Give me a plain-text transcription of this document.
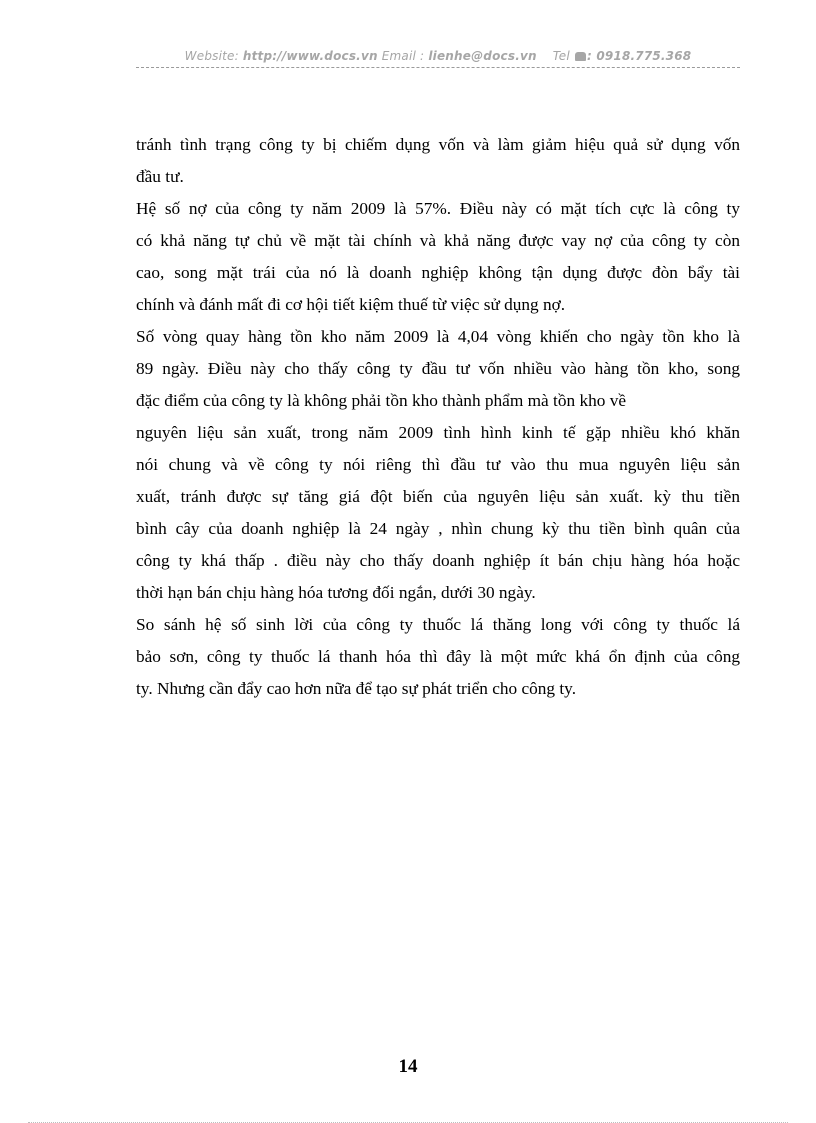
Website: http://www.docs.vn Email : lienhe@docs.vn Tel : 0918.775.368
tránh tình trạng công ty bị chiếm dụng vốn và làm giảm hiệu quả sử dụng vốn
đầu tư.
Hệ số nợ của công ty năm 2009 là 57%. Điều này có mặt tích cực là công ty
có khả năng tự chủ về mặt tài chính và khả năng được vay nợ của công ty còn
cao, song mặt trái của nó là doanh nghiệp không tận dụng được đòn bẩy tài
chính và đánh mất đi cơ hội tiết kiệm thuế từ việc sử dụng nợ.
Số vòng quay hàng tồn kho năm 2009 là 4,04 vòng khiến cho ngày tồn kho là
89 ngày. Điều này cho thấy công ty đầu tư vốn nhiều vào hàng tồn kho, song
đặc điểm của công ty là không phải tồn kho thành phẩm mà tồn kho về
nguyên liệu sản xuất, trong năm 2009 tình hình kinh tế gặp nhiều khó khăn
nói chung và về công ty nói riêng thì đầu tư vào thu mua nguyên liệu sản
xuất, tránh được sự tăng giá đột biến của nguyên liệu sản xuất. kỳ thu tiền
bình cây của doanh nghiệp là 24 ngày , nhìn chung kỳ thu tiền bình quân của
công ty khá thấp . điều này cho thấy doanh nghiệp ít bán chịu hàng hóa hoặc
thời hạn bán chịu hàng hóa tương đối ngắn, dưới 30 ngày.
So sánh hệ số sinh lời của công ty thuốc lá thăng long với công ty thuốc lá
bảo sơn, công ty thuốc lá thanh hóa thì đây là một mức khá ổn định của công
ty. Nhưng cần đẩy cao hơn nữa để tạo sự phát triển cho công ty.
14
